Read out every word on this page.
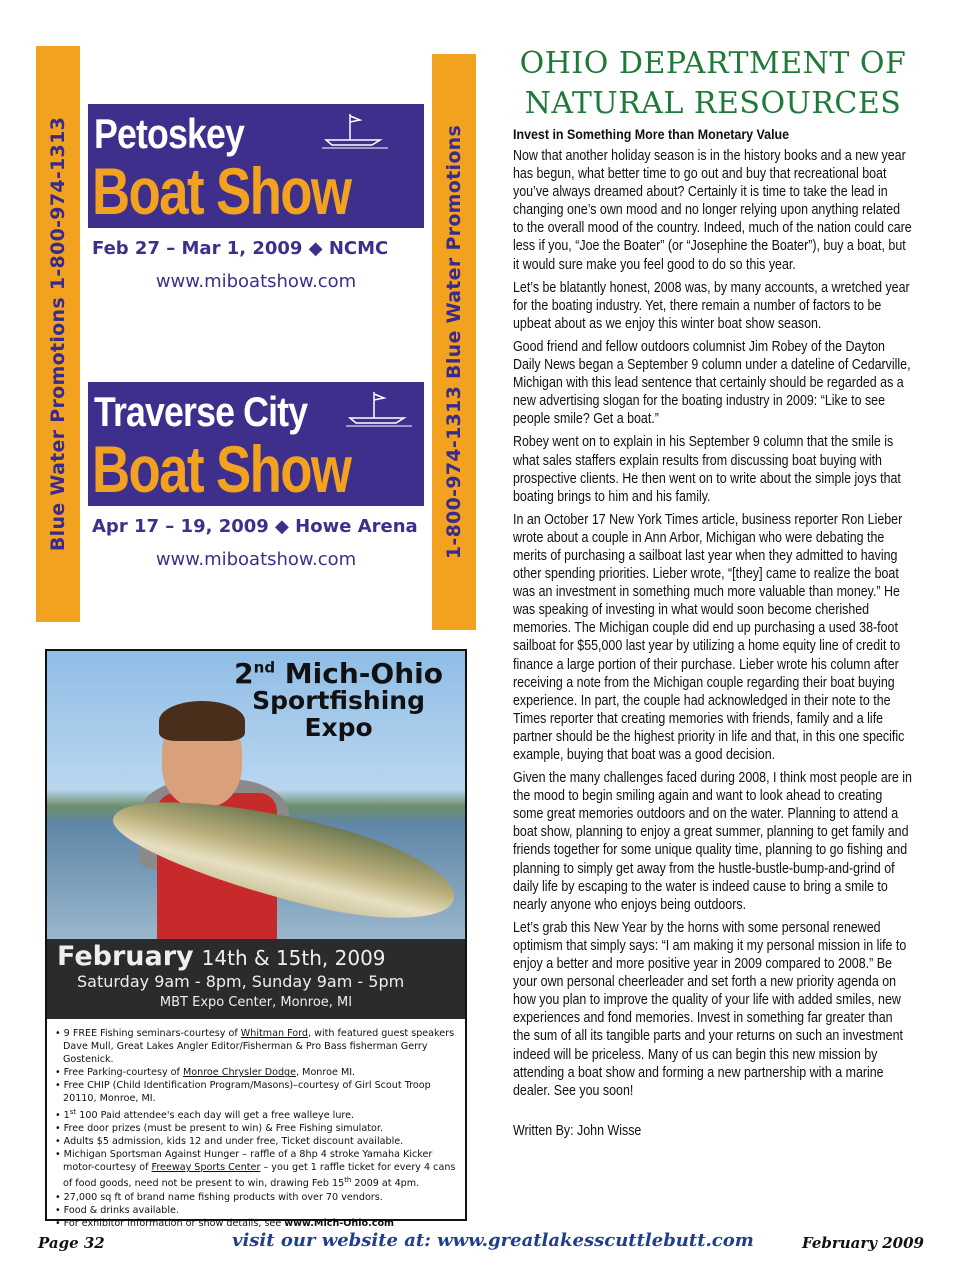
Blue Water Promotions 1-800-974-1313	1-800-974-1313 Blue Water Promotions
Petoskey
Boat Show
Feb 27 – Mar 1, 2009 ◆ NCMC
www.miboatshow.com
Traverse City
Boat Show
Apr 17 – 19, 2009 ◆ Howe Arena
www.miboatshow.com
2nd Mich-Ohio
Sportfishing
Expo
February 14th & 15th, 2009
Saturday 9am - 8pm, Sunday 9am - 5pm
MBT Expo Center, Monroe, MI
• 9 FREE Fishing seminars-courtesy of Whitman Ford, with featured guest speakers Dave Mull, Great Lakes Angler Editor/Fisherman & Pro Bass fisherman Gerry Gostenick.
• Free Parking-courtesy of Monroe Chrysler Dodge, Monroe MI.
• Free CHIP (Child Identification Program/Masons)–courtesy of Girl Scout Troop 20110, Monroe, MI.
• 1st 100 Paid attendee's each day will get a free walleye lure.
• Free door prizes (must be present to win) & Free Fishing simulator.
• Adults $5 admission, kids 12 and under free, Ticket discount available.
• Michigan Sportsman Against Hunger – raffle of a 8hp 4 stroke Yamaha Kicker motor-courtesy of Freeway Sports Center – you get 1 raffle ticket for every 4 cans of food goods, need not be present to win, drawing Feb 15th 2009 at 4pm.
• 27,000 sq ft of brand name fishing products with over 70 vendors.
• Food & drinks available.
• For exhibitor information or show details, see www.Mich-Ohio.com
OHIO DEPARTMENT OF NATURAL RESOURCES
Invest in Something More than Monetary Value

Now that another holiday season is in the history books and a new year has begun, what better time to go out and buy that recreational boat you’ve always dreamed about? Certainly it is time to take the lead in changing one’s own mood and no longer relying upon anything related to the overall mood of the country. Indeed, much of the nation could care less if you, “Joe the Boater” (or “Josephine the Boater”), buy a boat, but it would sure make you feel good to do so this year.

Let’s be blatantly honest, 2008 was, by many accounts, a wretched year for the boating industry. Yet, there remain a number of factors to be upbeat about as we enjoy this winter boat show season.

Good friend and fellow outdoors columnist Jim Robey of the Dayton Daily News began a September 9 column under a dateline of Cedarville, Michigan with this lead sentence that certainly should be regarded as a new advertising slogan for the boating industry in 2009: “Like to see people smile? Get a boat.”

Robey went on to explain in his September 9 column that the smile is what sales staffers explain results from discussing boat buying with prospective clients. He then went on to write about the simple joys that boating brings to him and his family.

In an October 17 New York Times article, business reporter Ron Lieber wrote about a couple in Ann Arbor, Michigan who were debating the merits of purchasing a sailboat last year when they admitted to having other spending priorities. Lieber wrote, “[they] came to realize the boat was an investment in something much more valuable than money.” He was speaking of investing in what would soon become cherished memories. The Michigan couple did end up purchasing a used 38-foot sailboat for $55,000 last year by utilizing a home equity line of credit to finance a large portion of their purchase. Lieber wrote his column after receiving a note from the Michigan couple regarding their boat buying experience. In part, the couple had acknowledged in their note to the Times reporter that creating memories with friends, family and a life partner should be the highest priority in life and that, in this one specific example, buying that boat was a good decision.

Given the many challenges faced during 2008, I think most people are in the mood to begin smiling again and want to look ahead to creating some great memories outdoors and on the water. Planning to attend a boat show, planning to enjoy a great summer, planning to get family and friends together for some unique quality time, planning to go fishing and planning to simply get away from the hustle-bustle-bump-and-grind of daily life by escaping to the water is indeed cause to bring a smile to nearly anyone who enjoys being outdoors.

Let’s grab this New Year by the horns with some personal renewed optimism that simply says: “I am making it my personal mission in life to enjoy a better and more positive year in 2009 compared to 2008.” Be your own personal cheerleader and set forth a new priority agenda on how you plan to improve the quality of your life with added smiles, new experiences and fond memories. Invest in something far greater than the sum of all its tangible parts and your returns on such an investment indeed will be priceless. Many of us can begin this new mission by attending a boat show and forming a new partnership with a marine dealer. See you soon!

Written By: John Wisse
Page 32	visit our website at: www.greatlakesscuttlebutt.com	February 2009
